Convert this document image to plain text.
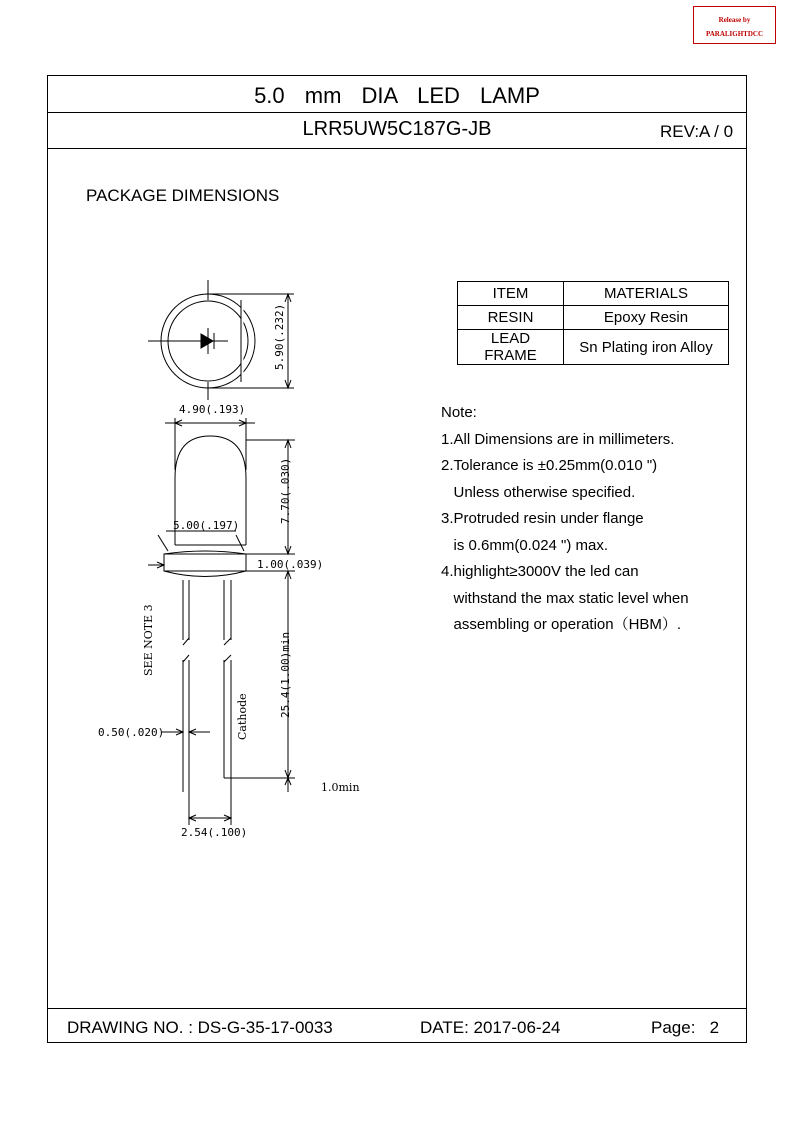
Release by
PARALIGHTDCC
5.0 mm DIA LED LAMP
LRR5UW5C187G-JB	REV:A / 0
PACKAGE DIMENSIONS
ITEM	MATERIALS
RESIN	Epoxy Resin
LEAD FRAME	Sn Plating iron Alloy
Note:
1.All Dimensions are in millimeters.
2.Tolerance is ±0.25mm(0.010 ")
Unless otherwise specified.
3.Protruded resin under flange
is 0.6mm(0.024 ") max.
4.highlight≥3000V the led can
withstand the max static level when
assembling or operation（HBM）.
5.90(.232)
4.90(.193)
7.70(.030)
5.00(.197)
1.00(.039)
25.4(1.00)min
0.50(.020)
2.54(.100)
SEE NOTE 3
Cathode
1.0min
DRAWING NO. : DS-G-35-17-0033	DATE: 2017-06-24	Page:   2
